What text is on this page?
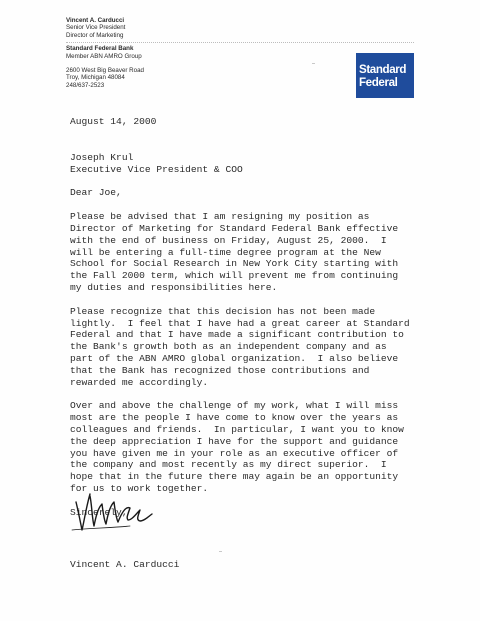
Vincent A. Carducci
Senior Vice President
Director of Marketing
Standard Federal Bank
Member ABN AMRO Group
2600 West Big Beaver Road
Troy, Michigan 48084
248/637-2523
Standard
Federal

August 14, 2000

Joseph Krul

Executive Vice President & COO

Dear Joe,

Please be advised that I am resigning my position as
Director of Marketing for Standard Federal Bank effective
with the end of business on Friday, August 25, 2000.  I
will be entering a full-time degree program at the New
School for Social Research in New York City starting with
the Fall 2000 term, which will prevent me from continuing
my duties and responsibilities here.
Please recognize that this decision has not been made
lightly.  I feel that I have had a great career at Standard
Federal and that I have made a significant contribution to
the Bank's growth both as an independent company and as
part of the ABN AMRO global organization.  I also believe
that the Bank has recognized those contributions and
rewarded me accordingly.
Over and above the challenge of my work, what I will miss
most are the people I have come to know over the years as
colleagues and friends.  In particular, I want you to know
the deep appreciation I have for the support and guidance
you have given me in your role as an executive officer of
the company and most recently as my direct superior.  I
hope that in the future there may again be an opportunity
for us to work together.

Sincerely,

Vincent A. Carducci
